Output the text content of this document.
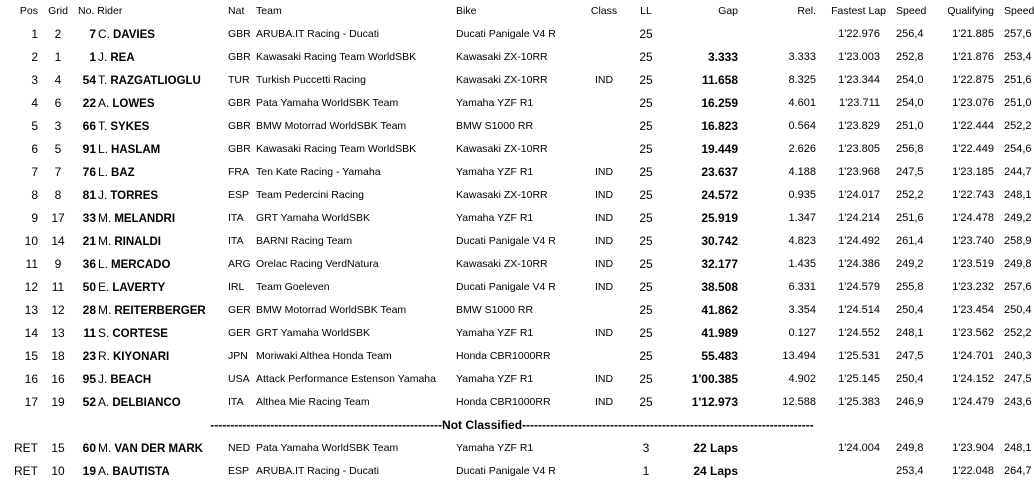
Pos	Grid	No. Rider		Nat	Team	Bike	Class	LL	Gap	Rel.	Fastest Lap	Speed	Qualifying	Speed
1	2	7	C. DAVIES	GBR	ARUBA.IT Racing - Ducati	Ducati Panigale V4 R		25			1'22.976	256,4	1'21.885	257,6
2	1	1	J. REA	GBR	Kawasaki Racing Team WorldSBK	Kawasaki ZX-10RR		25	3.333	3.333	1'23.003	252,8	1'21.876	253,4
3	4	54	T. RAZGATLIOGLU	TUR	Turkish Puccetti Racing	Kawasaki ZX-10RR	IND	25	11.658	8.325	1'23.344	254,0	1'22.875	251,6
4	6	22	A. LOWES	GBR	Pata Yamaha WorldSBK Team	Yamaha YZF R1		25	16.259	4.601	1'23.711	254,0	1'23.076	251,0
5	3	66	T. SYKES	GBR	BMW Motorrad WorldSBK Team	BMW S1000 RR		25	16.823	0.564	1'23.829	251,0	1'22.444	252,2
6	5	91	L. HASLAM	GBR	Kawasaki Racing Team WorldSBK	Kawasaki ZX-10RR		25	19.449	2.626	1'23.805	256,8	1'22.449	254,6
7	7	76	L. BAZ	FRA	Ten Kate Racing - Yamaha	Yamaha YZF R1	IND	25	23.637	4.188	1'23.968	247,5	1'23.185	244,7
8	8	81	J. TORRES	ESP	Team Pedercini Racing	Kawasaki ZX-10RR	IND	25	24.572	0.935	1'24.017	252,2	1'22.743	248,1
9	17	33	M. MELANDRI	ITA	GRT Yamaha WorldSBK	Yamaha YZF R1	IND	25	25.919	1.347	1'24.214	251,6	1'24.478	249,2
10	14	21	M. RINALDI	ITA	BARNI Racing Team	Ducati Panigale V4 R	IND	25	30.742	4.823	1'24.492	261,4	1'23.740	258,9
11	9	36	L. MERCADO	ARG	Orelac Racing VerdNatura	Kawasaki ZX-10RR	IND	25	32.177	1.435	1'24.386	249,2	1'23.519	249,8
12	11	50	E. LAVERTY	IRL	Team Goeleven	Ducati Panigale V4 R	IND	25	38.508	6.331	1'24.579	255,8	1'23.232	257,6
13	12	28	M. REITERBERGER	GER	BMW Motorrad WorldSBK Team	BMW S1000 RR		25	41.862	3.354	1'24.514	250,4	1'23.454	250,4
14	13	11	S. CORTESE	GER	GRT Yamaha WorldSBK	Yamaha YZF R1	IND	25	41.989	0.127	1'24.552	248,1	1'23.562	252,2
15	18	23	R. KIYONARI	JPN	Moriwaki Althea Honda Team	Honda CBR1000RR		25	55.483	13.494	1'25.531	247,5	1'24.701	240,3
16	16	95	J. BEACH	USA	Attack Performance Estenson Yamaha	Yamaha YZF R1	IND	25	1'00.385	4.902	1'25.145	250,4	1'24.152	247,5
17	19	52	A. DELBIANCO	ITA	Althea Mie Racing Team	Honda CBR1000RR	IND	25	1'12.973	12.588	1'25.383	246,9	1'24.479	243,6
----------------------------------------------------------Not Classified-------------------------------------------------------------------------														
RET	15	60	M. VAN DER MARK	NED	Pata Yamaha WorldSBK Team	Yamaha YZF R1		3	22 Laps		1'24.004	249,8	1'23.904	248,1
RET	10	19	A. BAUTISTA	ESP	ARUBA.IT Racing - Ducati	Ducati Panigale V4 R		1	24 Laps			253,4	1'22.048	264,7
